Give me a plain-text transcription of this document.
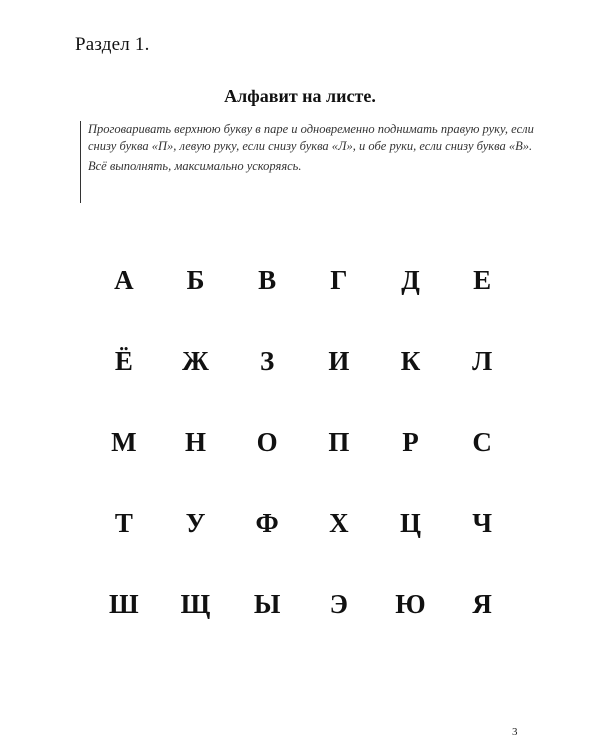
Раздел 1.
Алфавит на листе.

Проговаривать верхнюю букву в паре и одновременно поднимать правую руку, если снизу буква «П», левую руку, если снизу буква «Л», и обе руки, если снизу буква «В».

Всё выполнять, максимально ускоряясь.

А	Б	В	Г	Д	Е
Ё	Ж	З	И	К	Л
М	Н	О	П	Р	С
Т	У	Ф	Х	Ц	Ч
Ш	Щ	Ы	Э	Ю	Я
3
